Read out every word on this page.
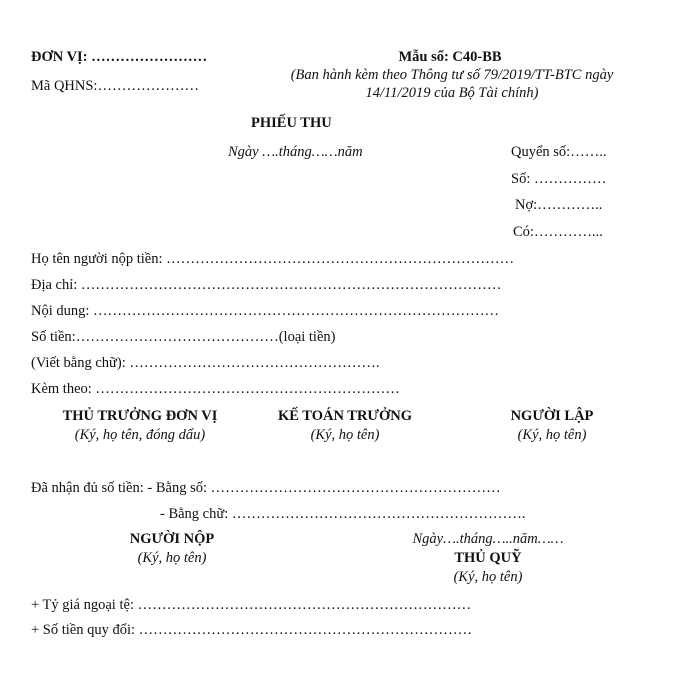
ĐƠN VỊ: ……………………
Mã QHNS:…………………
Mẫu số: C40-BB
(Ban hành kèm theo Thông tư số 79/2019/TT-BTC ngày
14/11/2019 của Bộ Tài chính)
PHIẾU THU
Ngày ….tháng……năm	Quyển số:……..
Số: ……………
Nợ:…………..
Có:…………...
Họ tên người nộp tiền: ………………………………………………………………
Địa chỉ: ……………………………………………………………………………
Nội dung: …………………………………………………………………………
Số tiền:……………………………………(loại tiền)
(Viết bằng chữ): …………………………………………….
Kèm theo: ………………………………………………………
THỦ TRƯỞNG ĐƠN VỊ
(Ký, họ tên, đóng dấu)
KẾ TOÁN TRƯỞNG
(Ký, họ tên)
NGƯỜI LẬP
(Ký, họ tên)
Đã nhận đủ số tiền: - Bằng số: ……………………………………………………
- Bằng chữ: …………………………………………………….
NGƯỜI NỘP
(Ký, họ tên)
Ngày….tháng…..năm……
THỦ QUỸ
(Ký, họ tên)
+ Tỷ giá ngoại tệ: ……………………………………………………………
+ Số tiền quy đổi: ……………………………………………………………
